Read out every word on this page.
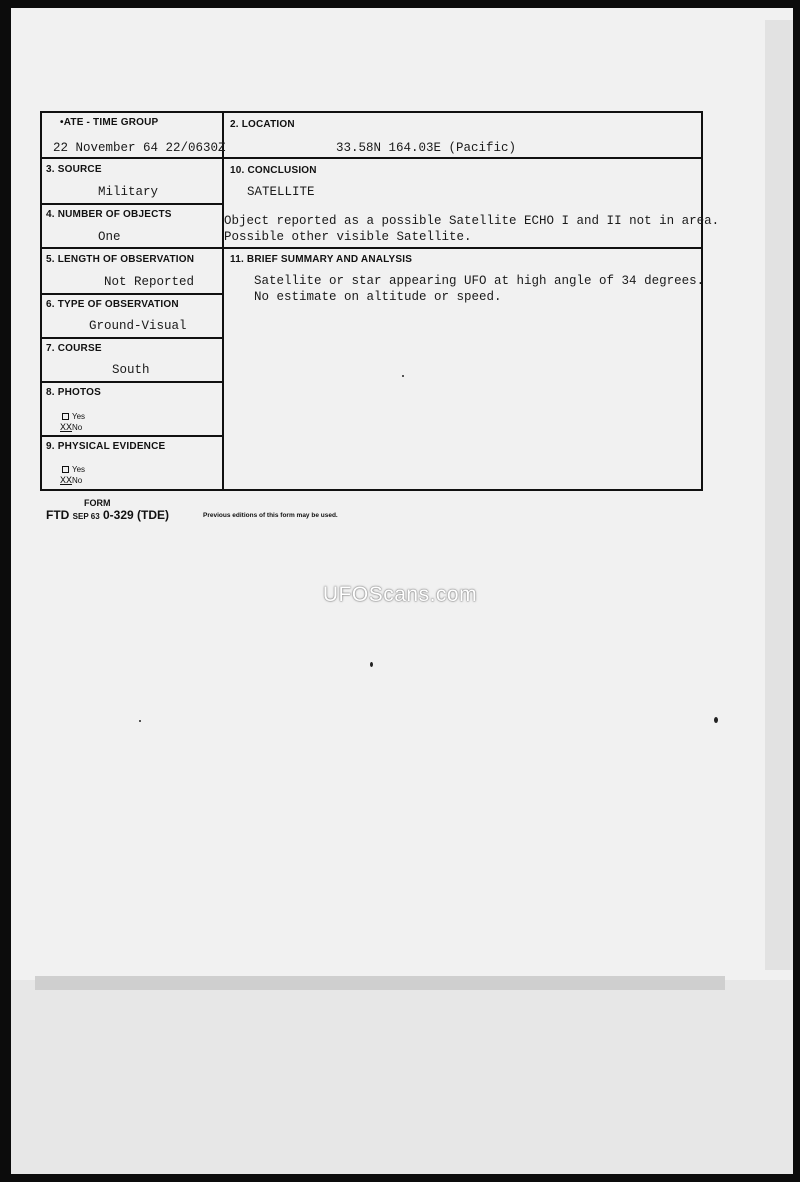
•ATE - TIME GROUP
22 November 64 22/0630Z
2. LOCATION
33.58N 164.03E (Pacific)
3. SOURCE
Military
10. CONCLUSION
SATELLITE
Object reported as a possible Satellite ECHO I and II not in area.
Possible other visible Satellite.
4. NUMBER OF OBJECTS
One
5. LENGTH OF OBSERVATION
Not Reported
11. BRIEF SUMMARY AND ANALYSIS
Satellite or star appearing UFO at high angle of 34 degrees.
No estimate on altitude or speed.
6. TYPE OF OBSERVATION
Ground-Visual
7. COURSE
South
8. PHOTOS
Yes
XXNo
9. PHYSICAL EVIDENCE
Yes
XXNo
FORM
FTD SEP 63 0-329 (TDE)	Previous editions of this form may be used.
UFOScans.com
